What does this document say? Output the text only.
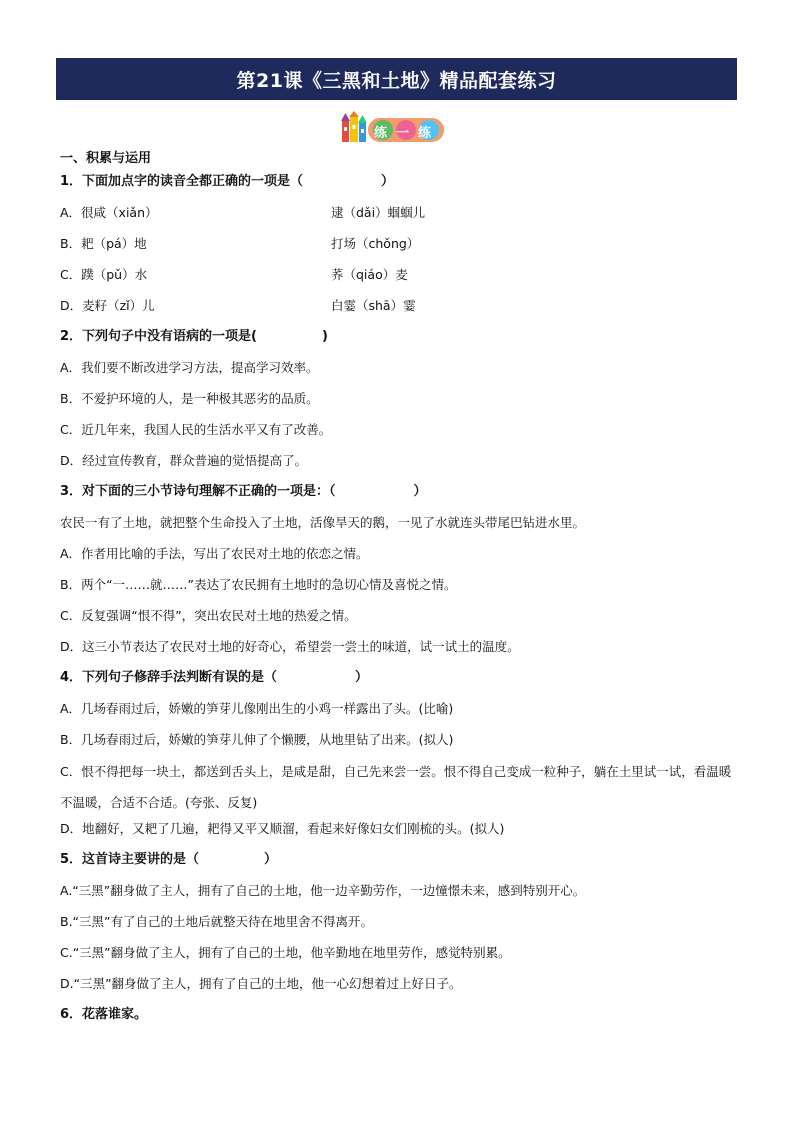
第21课《三黑和土地》精品配套练习
练一练
一、积累与运用
1．下面加点字的读音全都正确的一项是（　　　　　　）
A．很咸（xiǎn）	逮（dǎi）蝈蝈儿
B．耙（pá）地	打场（chǒng）
C．蹼（pǔ）水	荞（qiáo）麦
D．麦籽（zǐ）儿	白霎（shā）霎
2．下列句子中没有语病的一项是(　　　　　)
A．我们要不断改进学习方法，提高学习效率。
B．不爱护环境的人，是一种极其恶劣的品质。
C．近几年来，我国人民的生活水平又有了改善。
D．经过宣传教育，群众普遍的觉悟提高了。
3．对下面的三小节诗句理解不正确的一项是：（　　　　　　）
农民一有了土地，就把整个生命投入了土地，活像旱天的鹅，一见了水就连头带尾巴钻进水里。
A．作者用比喻的手法，写出了农民对土地的依恋之情。
B．两个“一……就……”表达了农民拥有土地时的急切心情及喜悦之情。
C．反复强调“恨不得”，突出农民对土地的热爱之情。
D．这三小节表达了农民对土地的好奇心，希望尝一尝土的味道，试一试土的温度。
4．下列句子修辞手法判断有误的是（　　　　　　）
A．几场春雨过后，娇嫩的笋芽儿像刚出生的小鸡一样露出了头。(比喻)
B．几场春雨过后，娇嫩的笋芽儿伸了个懒腰，从地里钻了出来。(拟人)
C．恨不得把每一块土，都送到舌头上，是咸是甜，自己先来尝一尝。恨不得自己变成一粒种子，躺在土里试一试，看温暖不温暖，合适不合适。(夸张、反复)
D．地翻好，又耙了几遍，耙得又平又顺溜，看起来好像妇女们刚梳的头。(拟人)
5．这首诗主要讲的是（　　　　　）
A.“三黑”翻身做了主人，拥有了自己的土地，他一边辛勤劳作，一边憧憬未来，感到特别开心。
B.“三黑”有了自己的土地后就整天待在地里舍不得离开。
C.“三黑”翻身做了主人，拥有了自己的土地，他辛勤地在地里劳作，感觉特别累。
D.“三黑”翻身做了主人，拥有了自己的土地，他一心幻想着过上好日子。
6．花落谁家。
